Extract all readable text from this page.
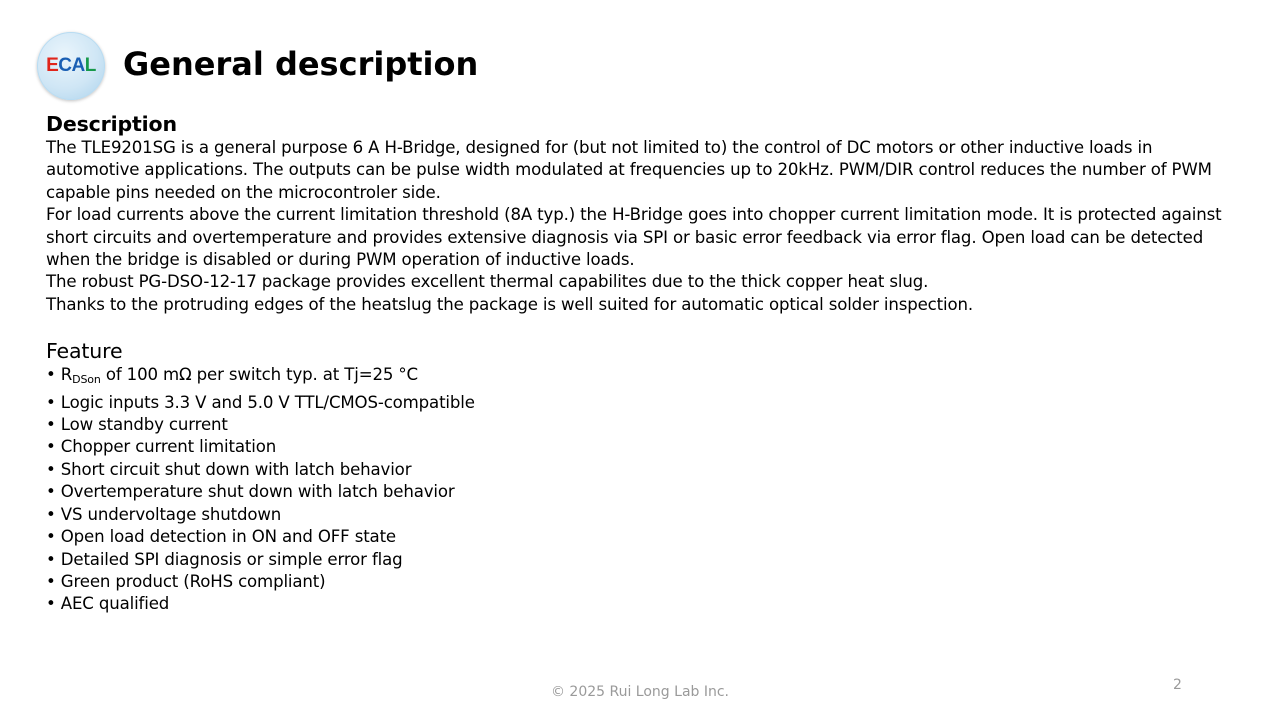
ECAL General description
Description

The TLE9201SG is a general purpose 6 A H-Bridge, designed for (but not limited to) the control of DC motors or other inductive loads in automotive applications. The outputs can be pulse width modulated at frequencies up to 20kHz. PWM/DIR control reduces the number of PWM capable pins needed on the microcontroler side.

For load currents above the current limitation threshold (8A typ.) the H-Bridge goes into chopper current limitation mode. It is protected against short circuits and overtemperature and provides extensive diagnosis via SPI or basic error feedback via error flag. Open load can be detected when the bridge is disabled or during PWM operation of inductive loads.

The robust PG-DSO-12-17 package provides excellent thermal capabilites due to the thick copper heat slug.

Thanks to the protruding edges of the heatslug the package is well suited for automatic optical solder inspection.

Feature
• $R_{DSon}$ of 100 mΩ per switch typ. at Tj=25 °C
• Logic inputs 3.3 V and 5.0 V TTL/CMOS-compatible
• Low standby current
• Chopper current limitation
• Short circuit shut down with latch behavior
• Overtemperature shut down with latch behavior
• VS undervoltage shutdown
• Open load detection in ON and OFF state
• Detailed SPI diagnosis or simple error flag
• Green product (RoHS compliant)
• AEC qualified
© 2025 Rui Long Lab Inc.	2
